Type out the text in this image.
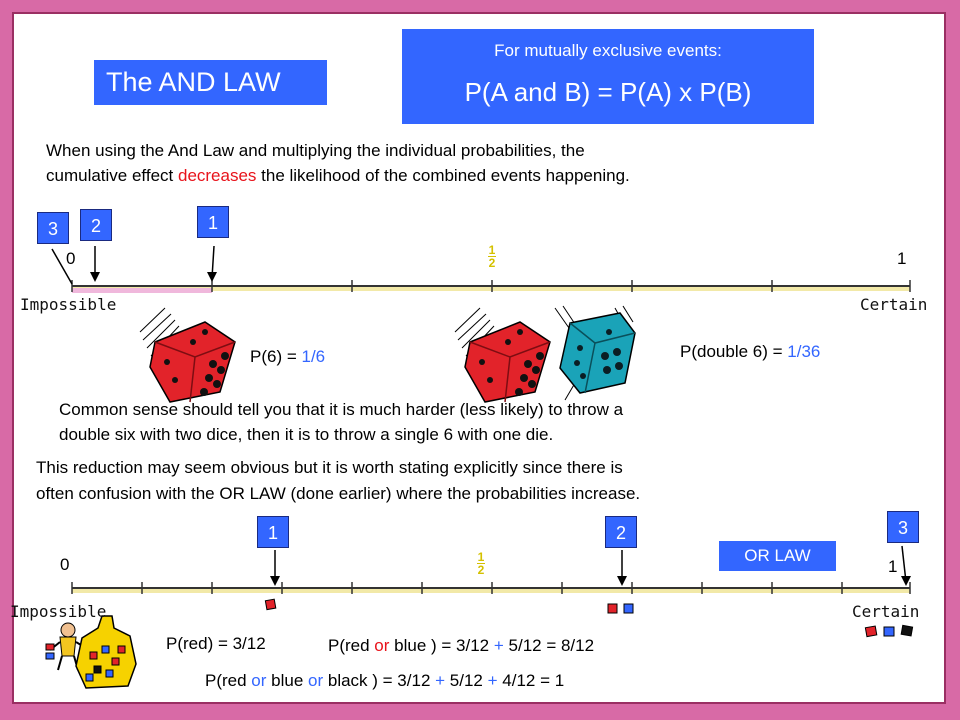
The AND LAW
For mutually exclusive events:
P(A and B) = P(A) x P(B)
When using the And Law and multiplying the individual probabilities, the
cumulative effect decreases the likelihood of the combined events happening.
3	2	1
0	1
2	1
Impossible	Certain
P(6) = 1/6	P(double 6) = 1/36
Common sense should tell you that it is much harder (less likely) to throw a
double six with two dice, then it is to throw a single 6 with one die.
This reduction may seem obvious but it is worth stating explicitly since there is
often confusion with the OR LAW (done earlier) where the probabilities increase.
1	2	3
OR LAW
0	1
2	1
Impossible	Certain
P(red) = 3/12	P(red or blue ) = 3/12 + 5/12 = 8/12
P(red or blue or black ) = 3/12 + 5/12 + 4/12 = 1
